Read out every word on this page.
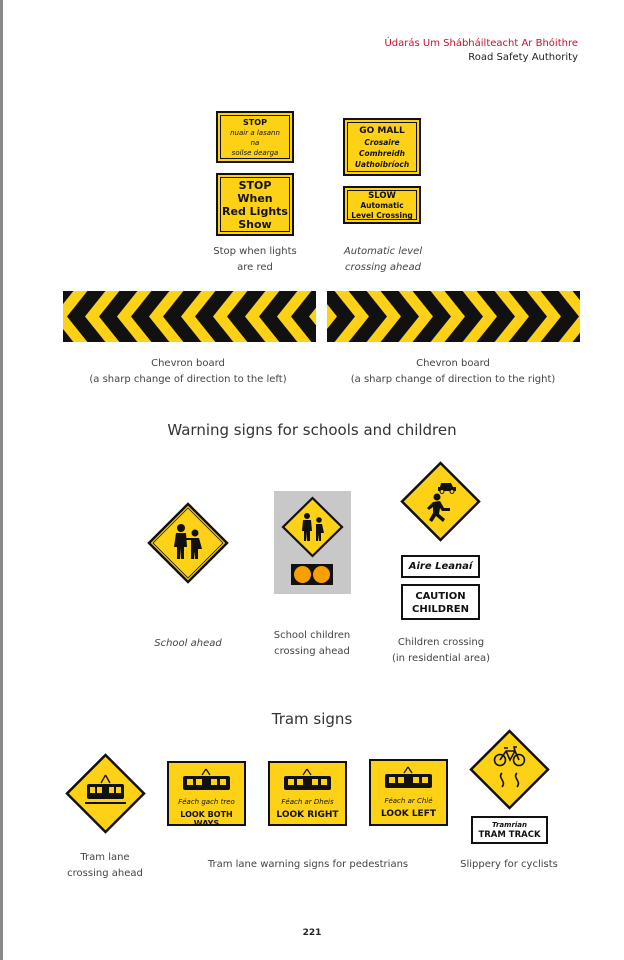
Údarás Um Shábháilteacht Ar Bhóithre
Road Safety Authority
STOP
nuair a lasann
na
soilse dearga
STOP
When
Red Lights
Show
Stop when lights
are red
GO MALL
Crosaire
Comhreidh
Uathoibríoch
SLOW
Automatic
Level Crossing
Automatic level
crossing ahead
Chevron board
(a sharp change of direction to the left)
Chevron board
(a sharp change of direction to the right)
Warning signs for schools and children
School ahead
School children
crossing ahead
Aire Leanaí
CAUTION
CHILDREN
Children crossing
(in residential area)
Tram signs
Tram lane
crossing ahead
Féach gach treo
LOOK BOTH WAYS
Féach ar Dheis
LOOK RIGHT
Féach ar Chlé
LOOK LEFT
Tram lane warning signs for pedestrians
Tramrian
TRAM TRACK
Slippery for cyclists
221
